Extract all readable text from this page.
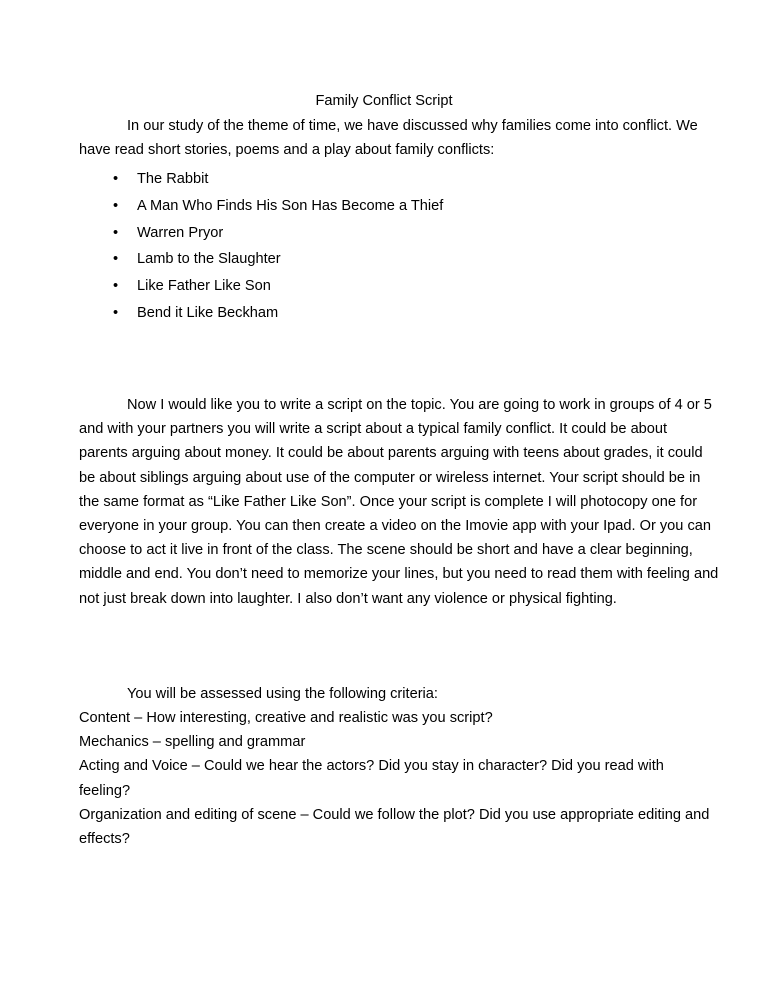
Family Conflict Script

In our study of the theme of time, we have discussed why families come into conflict. We have read short stories, poems and a play about family conflicts:

• The Rabbit
• A Man Who Finds His Son Has Become a Thief
• Warren Pryor
• Lamb to the Slaughter
• Like Father Like Son
• Bend it Like Beckham

Now I would like you to write a script on the topic. You are going to work in groups of 4 or 5 and with your partners you will write a script about a typical family conflict. It could be about parents arguing about money. It could be about parents arguing with teens about grades, it could be about siblings arguing about use of the computer or wireless internet. Your script should be in the same format as “Like Father Like Son”. Once your script is complete I will photocopy one for everyone in your group. You can then create a video on the Imovie app with your Ipad. Or you can choose to act it live in front of the class. The scene should be short and have a clear beginning, middle and end. You don’t need to memorize your lines, but you need to read them with feeling and not just break down into laughter. I also don’t want any violence or physical fighting.

You will be assessed using the following criteria:

Content – How interesting, creative and realistic was you script?
Mechanics – spelling and grammar
Acting and Voice – Could we hear the actors? Did you stay in character? Did you read with feeling?
Organization and editing of scene – Could we follow the plot? Did you use appropriate editing and effects?
